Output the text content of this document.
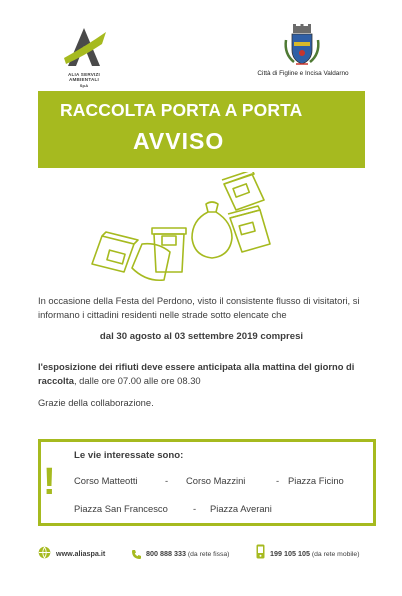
ALIA SERVIZI
AMBIENTALI
SpA
Città di Figline e Incisa Valdarno
RACCOLTA PORTA A PORTA
AVVISO
In occasione della Festa del Perdono, visto il consistente flusso di visitatori, si informano i cittadini residenti nelle strade sotto elencate che
dal 30 agosto al 03 settembre 2019 compresi
l'esposizione dei rifiuti deve essere anticipata alla mattina del giorno di raccolta, dalle ore 07.00 alle ore 08.30
Grazie della collaborazione.
!
Le vie interessate sono:
Corso Matteotti	- Corso Mazzini	- Piazza Ficino
Piazza San Francesco	- Piazza Averani
www.aliaspa.it	800 888 333 (da rete fissa)	199 105 105 (da rete mobile)
